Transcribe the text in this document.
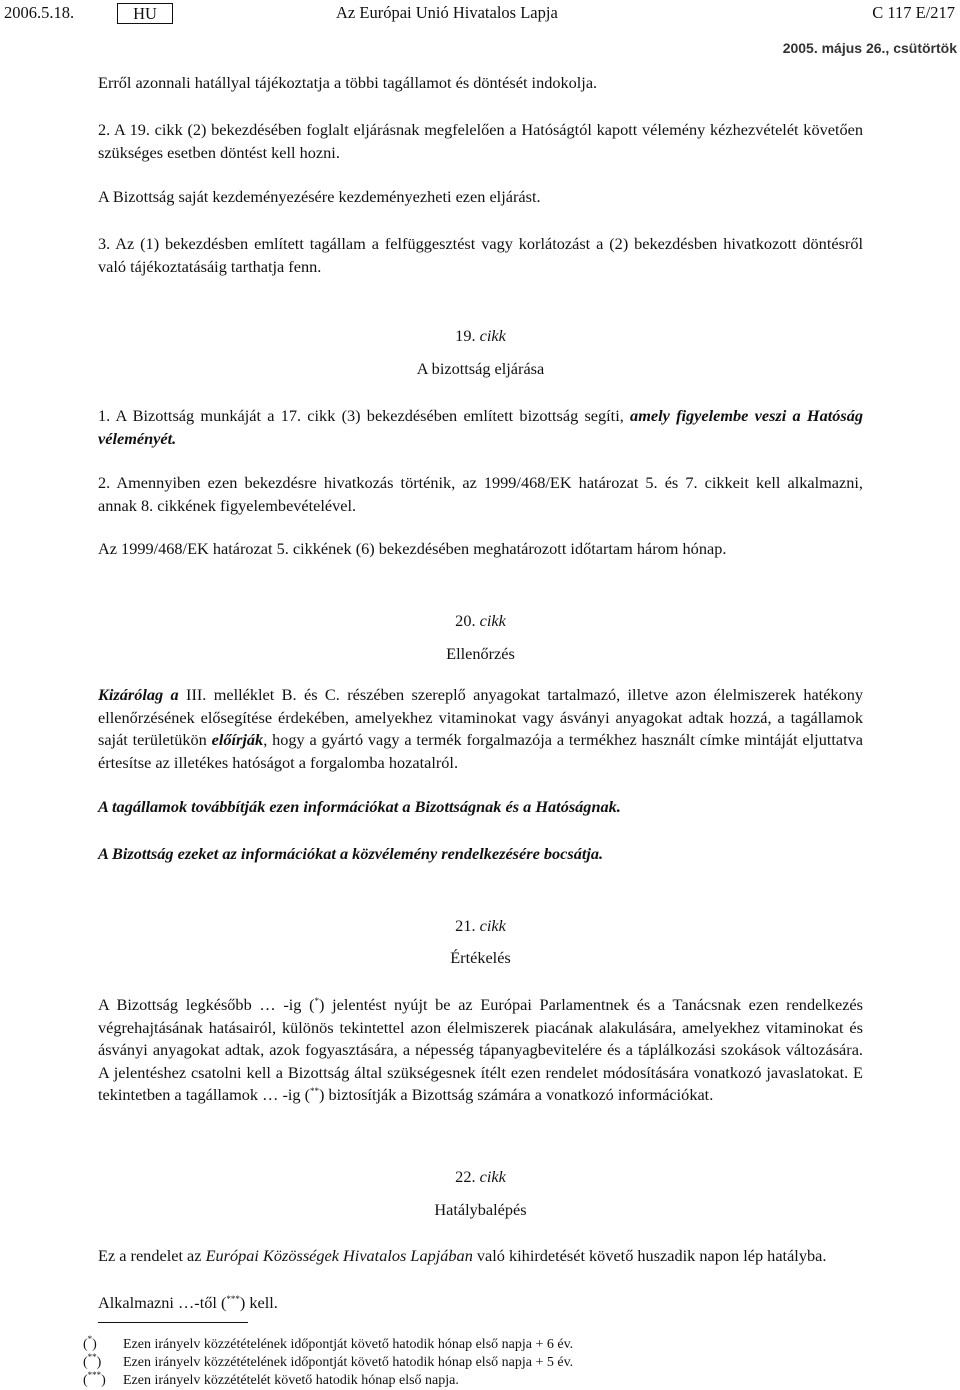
2006.5.18.	HU	Az Európai Unió Hivatalos Lapja	C 117 E/217
2005. május 26., csütörtök

Erről azonnali hatállyal tájékoztatja a többi tagállamot és döntését indokolja.

2. A 19. cikk (2) bekezdésében foglalt eljárásnak megfelelően a Hatóságtól kapott vélemény kézhezvételét követően szükséges esetben döntést kell hozni.

A Bizottság saját kezdeményezésére kezdeményezheti ezen eljárást.

3. Az (1) bekezdésben említett tagállam a felfüggesztést vagy korlátozást a (2) bekezdésben hivatkozott döntésről való tájékoztatásáig tarthatja fenn.

19. cikk
A bizottság eljárása

1. A Bizottság munkáját a 17. cikk (3) bekezdésében említett bizottság segíti, amely figyelembe veszi a Hatóság véleményét.

2. Amennyiben ezen bekezdésre hivatkozás történik, az 1999/468/EK határozat 5. és 7. cikkeit kell alkalmazni, annak 8. cikkének figyelembevételével.

Az 1999/468/EK határozat 5. cikkének (6) bekezdésében meghatározott időtartam három hónap.

20. cikk
Ellenőrzés

Kizárólag a III. melléklet B. és C. részében szereplő anyagokat tartalmazó, illetve azon élelmiszerek hatékony ellenőrzésének elősegítése érdekében, amelyekhez vitaminokat vagy ásványi anyagokat adtak hozzá, a tagállamok saját területükön előírják, hogy a gyártó vagy a termék forgalmazója a termékhez használt címke mintáját eljuttatva értesítse az illetékes hatóságot a forgalomba hozatalról.

A tagállamok továbbítják ezen információkat a Bizottságnak és a Hatóságnak.

A Bizottság ezeket az információkat a közvélemény rendelkezésére bocsátja.

21. cikk
Értékelés

A Bizottság legkésőbb … -ig (*) jelentést nyújt be az Európai Parlamentnek és a Tanácsnak ezen rendelkezés végrehajtásának hatásairól, különös tekintettel azon élelmiszerek piacának alakulására, amelyekhez vitaminokat és ásványi anyagokat adtak, azok fogyasztására, a népesség tápanyagbevitelére és a táplálkozási szokások változására. A jelentéshez csatolni kell a Bizottság által szükségesnek ítélt ezen rendelet módosítására vonatkozó javaslatokat. E tekintetben a tagállamok … -ig (**) biztosítják a Bizottság számára a vonatkozó információkat.

22. cikk
Hatálybalépés

Ez a rendelet az Európai Közösségek Hivatalos Lapjában való kihirdetését követő huszadik napon lép hatályba.

Alkalmazni …-től (***) kell.

(*) Ezen irányelv közzétételének időpontját követő hatodik hónap első napja + 6 év.
(**) Ezen irányelv közzétételének időpontját követő hatodik hónap első napja + 5 év.
(***) Ezen irányelv közzétételét követő hatodik hónap első napja.
